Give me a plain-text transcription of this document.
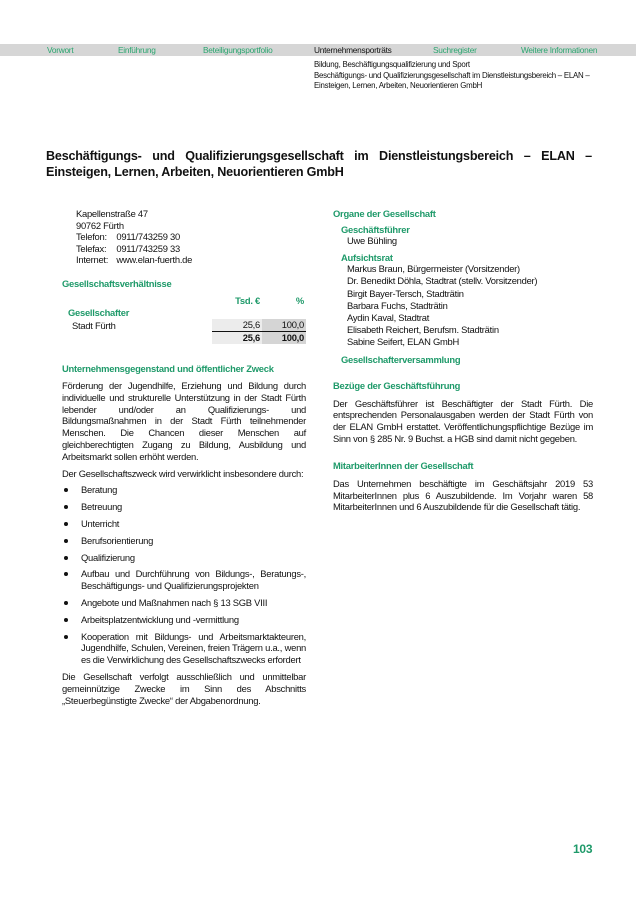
Vorwort	Einführung	Beteiligungsportfolio	Unternehmensporträts	Suchregister	Weitere Informationen
Bildung, Beschäftigungsqualifizierung und Sport
Beschäftigungs- und Qualifizierungsgesellschaft im Dienstleistungsbereich – ELAN – Einsteigen, Lernen, Arbeiten, Neuorientieren GmbH
Beschäftigungs- und Qualifizierungsgesellschaft im Dienstleistungsbereich – ELAN – Einsteigen, Lernen, Arbeiten, Neuorientieren GmbH
Kapellenstraße 47
90762 Fürth
Telefon: 0911/743259 30
Telefax: 0911/743259 33
Internet: www.elan-fuerth.de
Gesellschaftsverhältnisse
	Tsd. €	%
Gesellschafter		
Stadt Fürth	25,6	100,0
	25,6	100,0
Unternehmensgegenstand und öffentlicher Zweck

Förderung der Jugendhilfe, Erziehung und Bildung durch individuelle und strukturelle Unterstützung in der Stadt Fürth lebender und/oder an Qualifizierungs- und Bildungsmaßnahmen in der Stadt Fürth teilnehmender Menschen. Die Chancen dieser Menschen auf gleichberechtigten Zugang zu Bildung, Ausbildung und Arbeitsmarkt sollen erhöht werden.

Der Gesellschaftszweck wird verwirklicht insbesondere durch:

Beratung
Betreuung
Unterricht
Berufsorientierung
Qualifizierung
Aufbau und Durchführung von Bildungs-, Beratungs-, Beschäftigungs- und Qualifizierungsprojekten
Angebote und Maßnahmen nach § 13 SGB VIII
Arbeitsplatzentwicklung und -vermittlung
Kooperation mit Bildungs- und Arbeitsmarktakteuren, Jugendhilfe, Schulen, Vereinen, freien Trägern u.a., wenn es die Verwirklichung des Gesellschaftszwecks erfordert

Die Gesellschaft verfolgt ausschließlich und unmittelbar gemeinnützige Zwecke im Sinn des Abschnitts „Steuerbegünstigte Zwecke“ der Abgabenordnung.

Organe der Gesellschaft
Geschäftsführer
Uwe Bühling
Aufsichtsrat
Markus Braun, Bürgermeister (Vorsitzender)
Dr. Benedikt Döhla, Stadtrat (stellv. Vorsitzender)
Birgit Bayer-Tersch, Stadträtin
Barbara Fuchs, Stadträtin
Aydin Kaval, Stadtrat
Elisabeth Reichert, Berufsm. Stadträtin
Sabine Seifert, ELAN GmbH
Gesellschafterversammlung
Bezüge der Geschäftsführung

Der Geschäftsführer ist Beschäftigter der Stadt Fürth. Die entsprechenden Personalausgaben werden der Stadt Fürth von der ELAN GmbH erstattet. Veröffentlichungspflichtige Bezüge im Sinn von § 285 Nr. 9 Buchst. a HGB sind damit nicht gegeben.

MitarbeiterInnen der Gesellschaft

Das Unternehmen beschäftigte im Geschäftsjahr 2019 53 MitarbeiterInnen plus 6 Auszubildende. Im Vorjahr waren 58 MitarbeiterInnen und 6 Auszubildende für die Gesellschaft tätig.

103
